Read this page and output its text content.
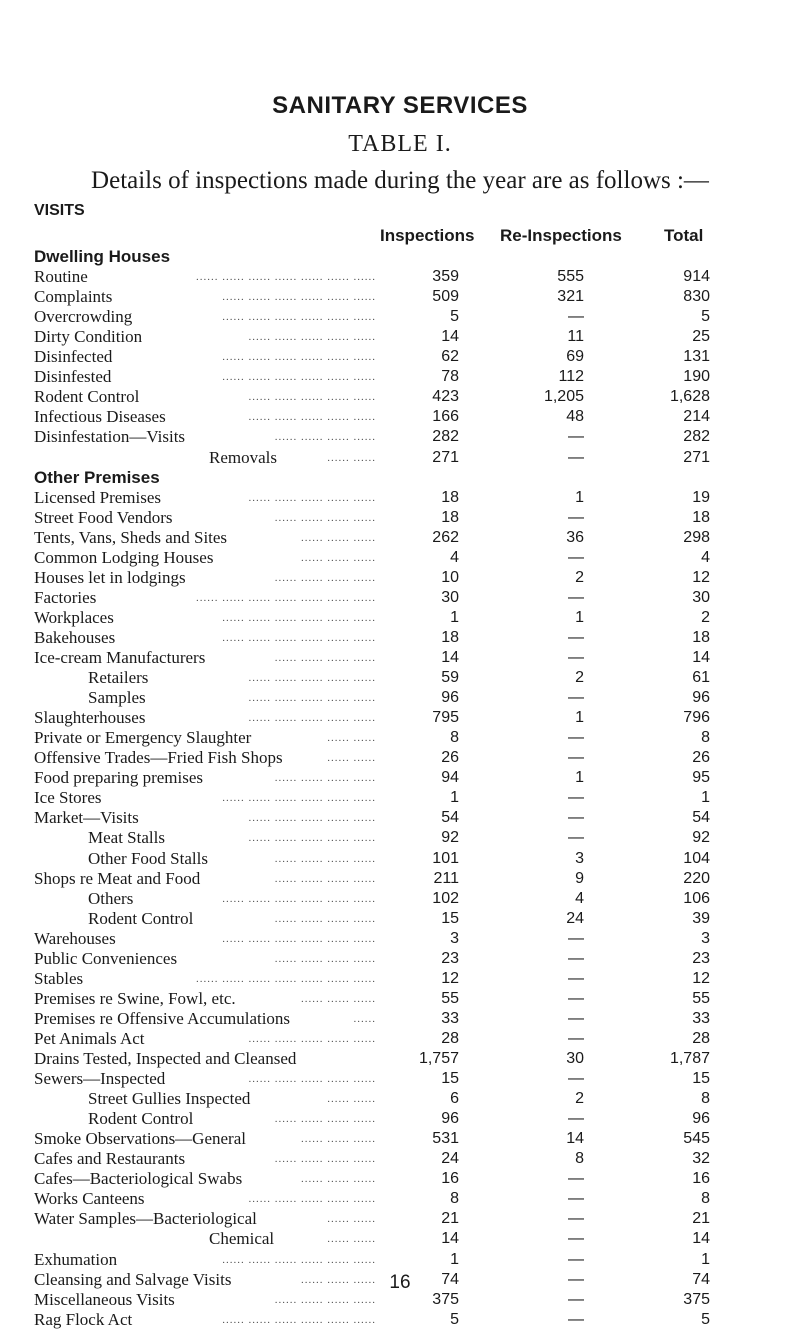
SANITARY SERVICES
TABLE I.
Details of inspections made during the year are as follows :—
VISITS
Inspections Re-Inspections Total
Dwelling Houses
Routine	...... ...... ...... ...... ...... ...... ......	359	555	914
Complaints	...... ...... ...... ...... ...... ......	509	321	830
Overcrowding	...... ...... ...... ...... ...... ......	5	—	5
Dirty Condition	...... ...... ...... ...... ......	14	11	25
Disinfected	...... ...... ...... ...... ...... ......	62	69	131
Disinfested	...... ...... ...... ...... ...... ......	78	112	190
Rodent Control	...... ...... ...... ...... ......	423	1,205	1,628
Infectious Diseases	...... ...... ...... ...... ......	166	48	214
Disinfestation—Visits	...... ...... ...... ......	282	—	282
Removals	...... ......	271	—	271
Other Premises
Licensed Premises	...... ...... ...... ...... ......	18	1	19
Street Food Vendors	...... ...... ...... ......	18	—	18
Tents, Vans, Sheds and Sites	...... ...... ......	262	36	298
Common Lodging Houses	...... ...... ......	4	—	4
Houses let in lodgings	...... ...... ...... ......	10	2	12
Factories	...... ...... ...... ...... ...... ...... ......	30	—	30
Workplaces	...... ...... ...... ...... ...... ......	1	1	2
Bakehouses	...... ...... ...... ...... ...... ......	18	—	18
Ice-cream Manufacturers	...... ...... ...... ......	14	—	14
Retailers	...... ...... ...... ...... ......	59	2	61
Samples	...... ...... ...... ...... ......	96	—	96
Slaughterhouses	...... ...... ...... ...... ......	795	1	796
Private or Emergency Slaughter	...... ......	8	—	8
Offensive Trades—Fried Fish Shops	...... ......	26	—	26
Food preparing premises	...... ...... ...... ......	94	1	95
Ice Stores	...... ...... ...... ...... ...... ......	1	—	1
Market—Visits	...... ...... ...... ...... ......	54	—	54
Meat Stalls	...... ...... ...... ...... ......	92	—	92
Other Food Stalls	...... ...... ...... ......	101	3	104
Shops re Meat and Food	...... ...... ...... ......	211	9	220
Others	...... ...... ...... ...... ...... ......	102	4	106
Rodent Control	...... ...... ...... ......	15	24	39
Warehouses	...... ...... ...... ...... ...... ......	3	—	3
Public Conveniences	...... ...... ...... ......	23	—	23
Stables	...... ...... ...... ...... ...... ...... ......	12	—	12
Premises re Swine, Fowl, etc.	...... ...... ......	55	—	55
Premises re Offensive Accumulations	......	33	—	33
Pet Animals Act	...... ...... ...... ...... ......	28	—	28
Drains Tested, Inspected and Cleansed	1,757	30	1,787
Sewers—Inspected	...... ...... ...... ...... ......	15	—	15
Street Gullies Inspected	...... ......	6	2	8
Rodent Control	...... ...... ...... ......	96	—	96
Smoke Observations—General	...... ...... ......	531	14	545
Cafes and Restaurants	...... ...... ...... ......	24	8	32
Cafes—Bacteriological Swabs	...... ...... ......	16	—	16
Works Canteens	...... ...... ...... ...... ......	8	—	8
Water Samples—Bacteriological	...... ......	21	—	21
Chemical	...... ......	14	—	14
Exhumation	...... ...... ...... ...... ...... ......	1	—	1
Cleansing and Salvage Visits	...... ...... ......	74	—	74
Miscellaneous Visits	...... ...... ...... ......	375	—	375
Rag Flock Act	...... ...... ...... ...... ...... ......	5	—	5
16
